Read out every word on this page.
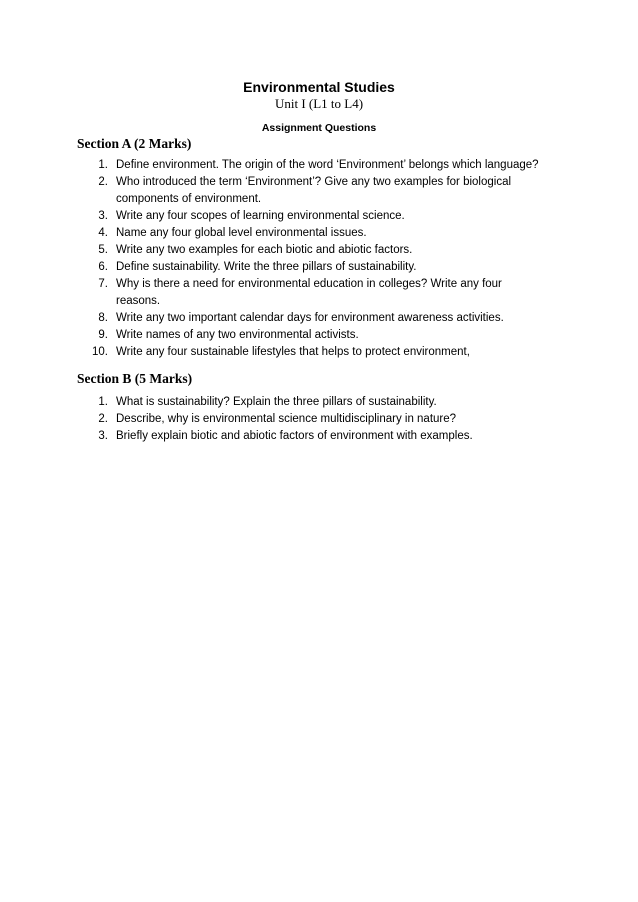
Environmental Studies
Unit I (L1 to L4)
Assignment Questions
Section A (2 Marks)
1. Define environment. The origin of the word ‘Environment’ belongs which language?
2. Who introduced the term ‘Environment’? Give any two examples for biological components of environment.
3. Write any four scopes of learning environmental science.
4. Name any four global level environmental issues.
5. Write any two examples for each biotic and abiotic factors.
6. Define sustainability. Write the three pillars of sustainability.
7. Why is there a need for environmental education in colleges? Write any four reasons.
8. Write any two important calendar days for environment awareness activities.
9. Write names of any two environmental activists.
10. Write any four sustainable lifestyles that helps to protect environment,
Section B (5 Marks)
1. What is sustainability? Explain the three pillars of sustainability.
2. Describe, why is environmental science multidisciplinary in nature?
3. Briefly explain biotic and abiotic factors of environment with examples.
